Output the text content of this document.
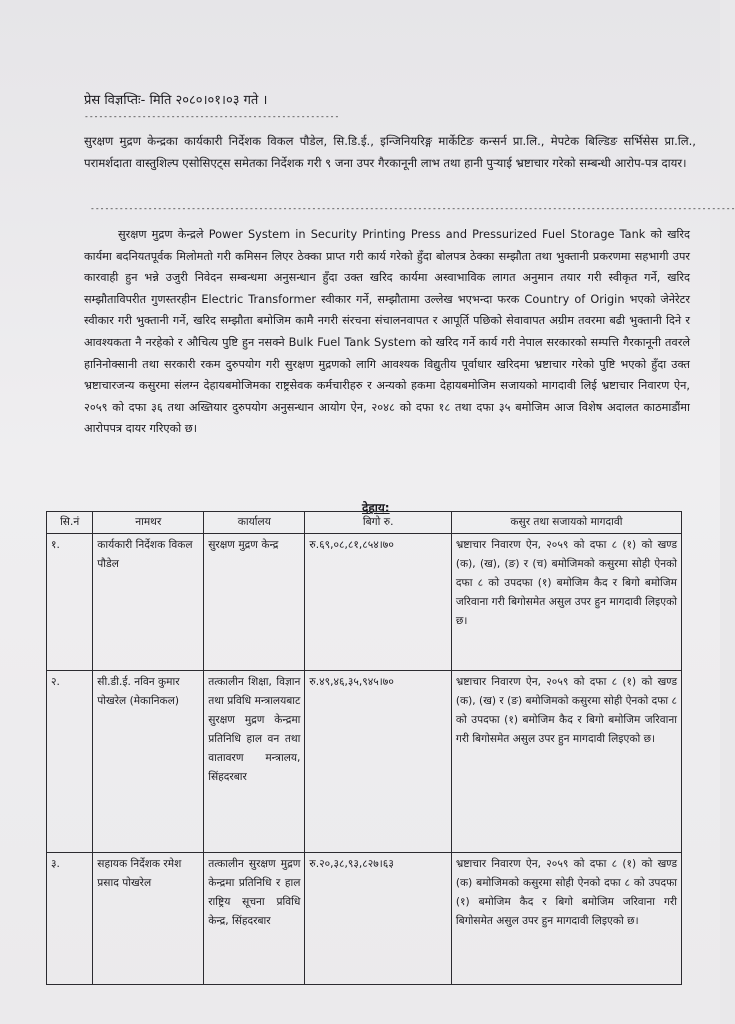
प्रेस विज्ञप्तिः- मिति २०८०।०१।०३ गते ।
-----------------------------------------------------
सुरक्षण मुद्रण केन्द्रका कार्यकारी निर्देशक विकल पौडेल, सि.डि.ई., इन्जिनियरिङ्ग मार्केटिङ कन्सर्न प्रा.लि., मेपटेक बिल्डिङ सर्भिसेस प्रा.लि., परामर्शदाता वास्तुशिल्प एसोसिएट्स समेतका निर्देशक गरी ९ जना उपर गैरकानूनी लाभ तथा हानी पुऱ्याई भ्रष्टाचार गरेको सम्बन्धी आरोप-पत्र दायर।
--------------------------------------------------------------------------------------------------------------------------------------
सुरक्षण मुद्रण केन्द्रले Power System in Security Printing Press and Pressurized Fuel Storage Tank को खरिद कार्यमा बदनियतपूर्वक मिलोमतो गरी कमिसन लिएर ठेक्का प्राप्त गरी कार्य गरेको हुँदा बोलपत्र ठेक्का सम्झौता तथा भुक्तानी प्रकरणमा सहभागी उपर कारवाही हुन भन्ने उजुरी निवेदन सम्बन्धमा अनुसन्धान हुँदा उक्त खरिद कार्यमा अस्वाभाविक लागत अनुमान तयार गरी स्वीकृत गर्ने, खरिद सम्झौताविपरीत गुणस्तरहीन Electric Transformer स्वीकार गर्ने, सम्झौतामा उल्लेख भएभन्दा फरक Country of Origin भएको जेनेरेटर स्वीकार गरी भुक्तानी गर्ने, खरिद सम्झौता बमोजिम कामै नगरी संरचना संचालनवापत र आपूर्ति पछिको सेवावापत अग्रीम तवरमा बढी भुक्तानी दिने र आवश्यकता नै नरहेको र औचित्य पुष्टि हुन नसक्ने Bulk Fuel Tank System को खरिद गर्ने कार्य गरी नेपाल सरकारको सम्पत्ति गैरकानूनी तवरले हानिनोक्सानी तथा सरकारी रकम दुरुपयोग गरी सुरक्षण मुद्रणको लागि आवश्यक विद्युतीय पूर्वाधार खरिदमा भ्रष्टाचार गरेको पुष्टि भएको हुँदा उक्त भ्रष्टाचारजन्य कसुरमा संलग्न देहायबमोजिमका राष्ट्रसेवक कर्मचारीहरु र अन्यको हकमा देहायबमोजिम सजायको मागदावी लिई भ्रष्टाचार निवारण ऐन, २०५९ को दफा ३६ तथा अख्तियार दुरुपयोग अनुसन्धान आयोग ऐन, २०४८ को दफा १८ तथा दफा ३५ बमोजिम आज विशेष अदालत काठमाडौंमा आरोपपत्र दायर गरिएको छ।
देहाय:
सि.नं	नामथर	कार्यालय	बिगो रु.	कसुर तथा सजायको मागदावी
१.	कार्यकारी निर्देशक विकल पौडेल	सुरक्षण मुद्रण केन्द्र	रु.६९,०८,८१,८५४।७०	भ्रष्टाचार निवारण ऐन, २०५९ को दफा ८ (१) को खण्ड (क), (ख), (ङ) र (च) बमोजिमको कसुरमा सोही ऐनको दफा ८ को उपदफा (१) बमोजिम कैद र बिगो बमोजिम जरिवाना गरी बिगोसमेत असुल उपर हुन मागदावी लिइएको छ।
२.	सी.डी.ई. नविन कुमार पोखरेल (मेकानिकल)	तत्कालीन शिक्षा, विज्ञान तथा प्रविधि मन्त्रालयबाट सुरक्षण मुद्रण केन्द्रमा प्रतिनिधि हाल वन तथा वातावरण मन्त्रालय, सिंहदरबार	रु.४९,४६,३५,९४५।७०	भ्रष्टाचार निवारण ऐन, २०५९ को दफा ८ (१) को खण्ड (क), (ख) र (ङ) बमोजिमको कसुरमा सोही ऐनको दफा ८ को उपदफा (१) बमोजिम कैद र बिगो बमोजिम जरिवाना गरी बिगोसमेत असुल उपर हुन मागदावी लिइएको छ।
३.	सहायक निर्देशक रमेश प्रसाद पोखरेल	तत्कालीन सुरक्षण मुद्रण केन्द्रमा प्रतिनिधि र हाल राष्ट्रिय सूचना प्रविधि केन्द्र, सिंहदरबार	रु.२०,३८,९३,८२७।६३	भ्रष्टाचार निवारण ऐन, २०५९ को दफा ८ (१) को खण्ड (क) बमोजिमको कसुरमा सोही ऐनको दफा ८ को उपदफा (१) बमोजिम कैद र बिगो बमोजिम जरिवाना गरी बिगोसमेत असुल उपर हुन मागदावी लिइएको छ।
